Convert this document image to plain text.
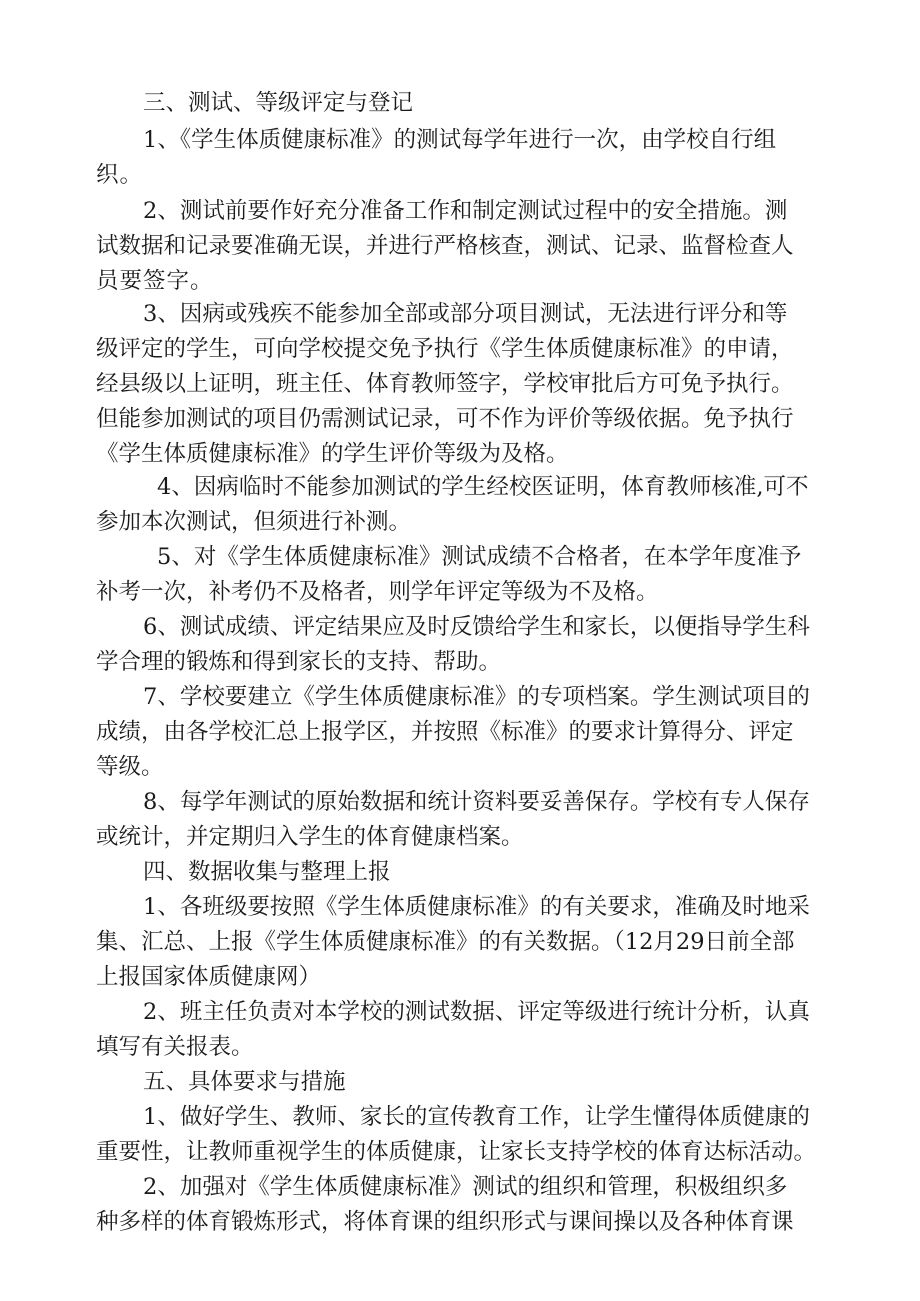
三、测试、等级评定与登记

1、《学生体质健康标准》的测试每学年进行一次，由学校自行组

织。

2、测试前要作好充分准备工作和制定测试过程中的安全措施。测

试数据和记录要准确无误，并进行严格核查，测试、记录、监督检查人

员要签字。

3、因病或残疾不能参加全部或部分项目测试，无法进行评分和等

级评定的学生，可向学校提交免予执行《学生体质健康标准》的申请，

经县级以上证明，班主任、体育教师签字，学校审批后方可免予执行。

但能参加测试的项目仍需测试记录，可不作为评价等级依据。免予执行

《学生体质健康标准》的学生评价等级为及格。

4、因病临时不能参加测试的学生经校医证明，体育教师核准,可不

参加本次测试，但须进行补测。

5、对《学生体质健康标准》测试成绩不合格者，在本学年度准予

补考一次，补考仍不及格者，则学年评定等级为不及格。

6、测试成绩、评定结果应及时反馈给学生和家长，以便指导学生科

学合理的锻炼和得到家长的支持、帮助。

7、学校要建立《学生体质健康标准》的专项档案。学生测试项目的

成绩，由各学校汇总上报学区，并按照《标准》的要求计算得分、评定

等级。

8、每学年测试的原始数据和统计资料要妥善保存。学校有专人保存

或统计，并定期归入学生的体育健康档案。

四、数据收集与整理上报

1、各班级要按照《学生体质健康标准》的有关要求，准确及时地采

集、汇总、上报《学生体质健康标准》的有关数据。（12月29日前全部

上报国家体质健康网）

2、班主任负责对本学校的测试数据、评定等级进行统计分析，认真

填写有关报表。

五、具体要求与措施

1、做好学生、教师、家长的宣传教育工作，让学生懂得体质健康的

重要性，让教师重视学生的体质健康，让家长支持学校的体育达标活动。

2、加强对《学生体质健康标准》测试的组织和管理，积极组织多

种多样的体育锻炼形式，将体育课的组织形式与课间操以及各种体育课
